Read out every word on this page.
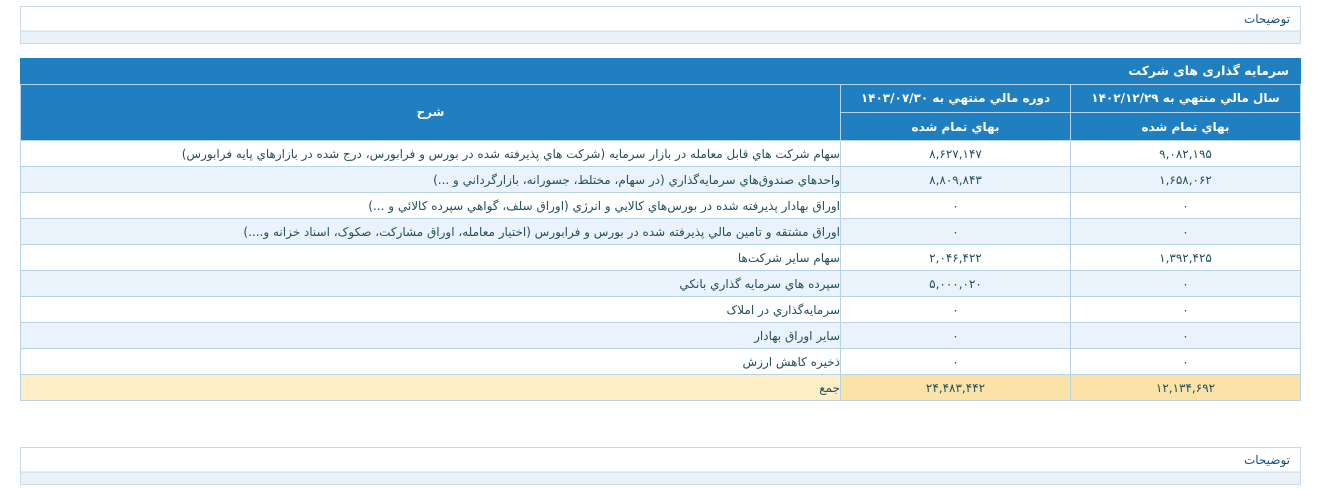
توضیحات
سرمایه گذاری های شرکت
سال مالي منتهي به ۱۴۰۲/۱۲/۲۹	دوره مالي منتهي به ۱۴۰۳/۰۷/۳۰	شرح
بهاي تمام شده	بهاي تمام شده	
۹,۰۸۲,۱۹۵	۸,۶۲۷,۱۴۷	سهام شرکت هاي قابل معامله در بازار سرمايه (شرکت هاي پذيرفته شده در بورس و فرابورس، درج شده در بازارهاي پايه فرابورس)
۱,۶۵۸,۰۶۲	۸,۸۰۹,۸۴۳	واحدهاي صندوق‌هاي سرمايه‌گذاري (در سهام، مختلط، جسورانه، بازارگرداني و ...)
۰	۰	اوراق بهادار پذيرفته شده در بورس‌هاي کالايي و انرژي (اوراق سلف، گواهي سپرده کالائي و ...)
۰	۰	اوراق مشتقه و تامين مالي پذيرفته شده در بورس و فرابورس (اختيار معامله، اوراق مشارکت، صکوک، اسناد خزانه و....)
۱,۳۹۲,۴۲۵	۲,۰۴۶,۴۲۲	سهام ساير شرکت‌ها
۰	۵,۰۰۰,۰۲۰	سپرده هاي سرمايه گذاري بانکي
۰	۰	سرمايه‌گذاري در املاک
۰	۰	ساير اوراق بهادار
۰	۰	ذخيره کاهش ارزش
۱۲,۱۳۴,۶۹۲	۲۴,۴۸۳,۴۴۲	جمع
توضیحات
